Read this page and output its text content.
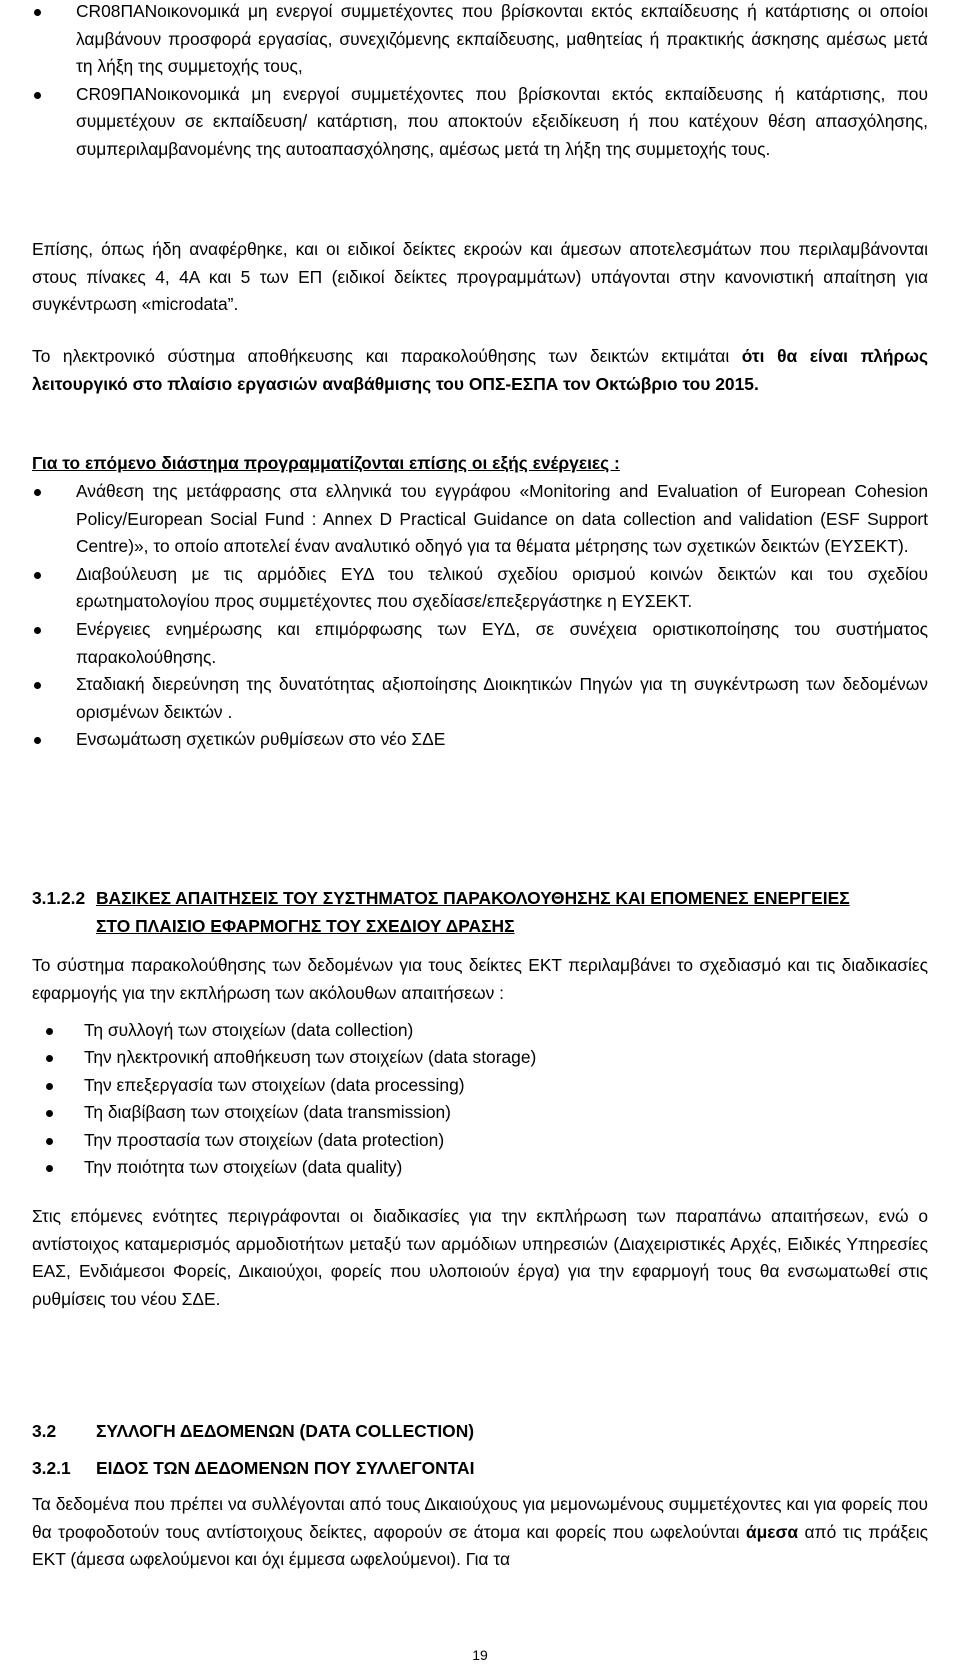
CR08ΠΑΝοικονομικά μη ενεργοί συμμετέχοντες που βρίσκονται εκτός εκπαίδευσης ή κατάρτισης οι οποίοι λαμβάνουν προσφορά εργασίας, συνεχιζόμενης εκπαίδευσης, μαθητείας ή πρακτικής άσκησης αμέσως μετά τη λήξη της συμμετοχής τους,
CR09ΠΑΝοικονομικά μη ενεργοί συμμετέχοντες που βρίσκονται εκτός εκπαίδευσης ή κατάρτισης, που συμμετέχουν σε εκπαίδευση/ κατάρτιση, που αποκτούν εξειδίκευση ή που κατέχουν θέση απασχόλησης, συμπεριλαμβανομένης της αυτοαπασχόλησης, αμέσως μετά τη λήξη της συμμετοχής τους.

Επίσης, όπως ήδη αναφέρθηκε, και οι ειδικοί δείκτες εκροών και άμεσων αποτελεσμάτων που περιλαμβάνονται στους πίνακες 4, 4Α και 5 των ΕΠ (ειδικοί δείκτες προγραμμάτων) υπάγονται στην κανονιστική απαίτηση για συγκέντρωση «microdata”.

Το ηλεκτρονικό σύστημα αποθήκευσης και παρακολούθησης των δεικτών εκτιμάται ότι θα είναι πλήρως λειτουργικό στο πλαίσιο εργασιών αναβάθμισης του ΟΠΣ-ΕΣΠΑ τον Οκτώβριο του 2015.

Για το επόμενο διάστημα προγραμματίζονται επίσης οι εξής ενέργειες :

Ανάθεση της μετάφρασης στα ελληνικά του εγγράφου «Monitoring and Evaluation of European Cohesion Policy/European Social Fund : Annex D Practical Guidance on data collection and validation (ESF Support Centre)», το οποίο αποτελεί έναν αναλυτικό οδηγό για τα θέματα μέτρησης των σχετικών δεικτών (ΕΥΣΕΚΤ).
Διαβούλευση με τις αρμόδιες ΕΥΔ του τελικού σχεδίου ορισμού κοινών δεικτών και του σχεδίου ερωτηματολογίου προς συμμετέχοντες που σχεδίασε/επεξεργάστηκε η ΕΥΣΕΚΤ.
Ενέργειες ενημέρωσης και επιμόρφωσης των ΕΥΔ, σε συνέχεια οριστικοποίησης του συστήματος παρακολούθησης.
Σταδιακή διερεύνηση της δυνατότητας αξιοποίησης Διοικητικών Πηγών για τη συγκέντρωση των δεδομένων ορισμένων δεικτών .
Ενσωμάτωση σχετικών ρυθμίσεων στο νέο ΣΔΕ
3.1.2.2 ΒΑΣΙΚΕΣ ΑΠΑΙΤΗΣΕΙΣ ΤΟΥ ΣΥΣΤΗΜΑΤΟΣ ΠΑΡΑΚΟΛΟΥΘΗΣΗΣ ΚΑΙ ΕΠΟΜΕΝΕΣ ΕΝΕΡΓΕΙΕΣ
ΣΤΟ ΠΛΑΙΣΙΟ ΕΦΑΡΜΟΓΗΣ ΤΟΥ ΣΧΕΔΙΟΥ ΔΡΑΣΗΣ

Το σύστημα παρακολούθησης των δεδομένων για τους δείκτες ΕΚΤ περιλαμβάνει το σχεδιασμό και τις διαδικασίες εφαρμογής για την εκπλήρωση των ακόλουθων απαιτήσεων :

Τη συλλογή των στοιχείων (data collection)
Την ηλεκτρονική αποθήκευση των στοιχείων (data storage)
Την επεξεργασία των στοιχείων (data processing)
Τη διαβίβαση των στοιχείων (data transmission)
Την προστασία των στοιχείων (data protection)
Την ποιότητα των στοιχείων (data quality)

Στις επόμενες ενότητες περιγράφονται οι διαδικασίες για την εκπλήρωση των παραπάνω απαιτήσεων, ενώ ο αντίστοιχος καταμερισμός αρμοδιοτήτων μεταξύ των αρμόδιων υπηρεσιών (Διαχειριστικές Αρχές, Ειδικές Υπηρεσίες ΕΑΣ, Ενδιάμεσοι Φορείς, Δικαιούχοι, φορείς που υλοποιούν έργα) για την εφαρμογή τους θα ενσωματωθεί στις ρυθμίσεις του νέου ΣΔΕ.

3.2 ΣΥΛΛΟΓΗ ΔΕΔΟΜΕΝΩΝ (DATA COLLECTION)
3.2.1 ΕΙΔΟΣ ΤΩΝ ΔΕΔΟΜΕΝΩΝ ΠΟΥ ΣΥΛΛΕΓΟΝΤΑΙ

Τα δεδομένα που πρέπει να συλλέγονται από τους Δικαιούχους για μεμονωμένους συμμετέχοντες και για φορείς που θα τροφοδοτούν τους αντίστοιχους δείκτες, αφορούν σε άτομα και φορείς που ωφελούνται άμεσα από τις πράξεις ΕΚΤ (άμεσα ωφελούμενοι και όχι έμμεσα ωφελούμενοι). Για τα

19
